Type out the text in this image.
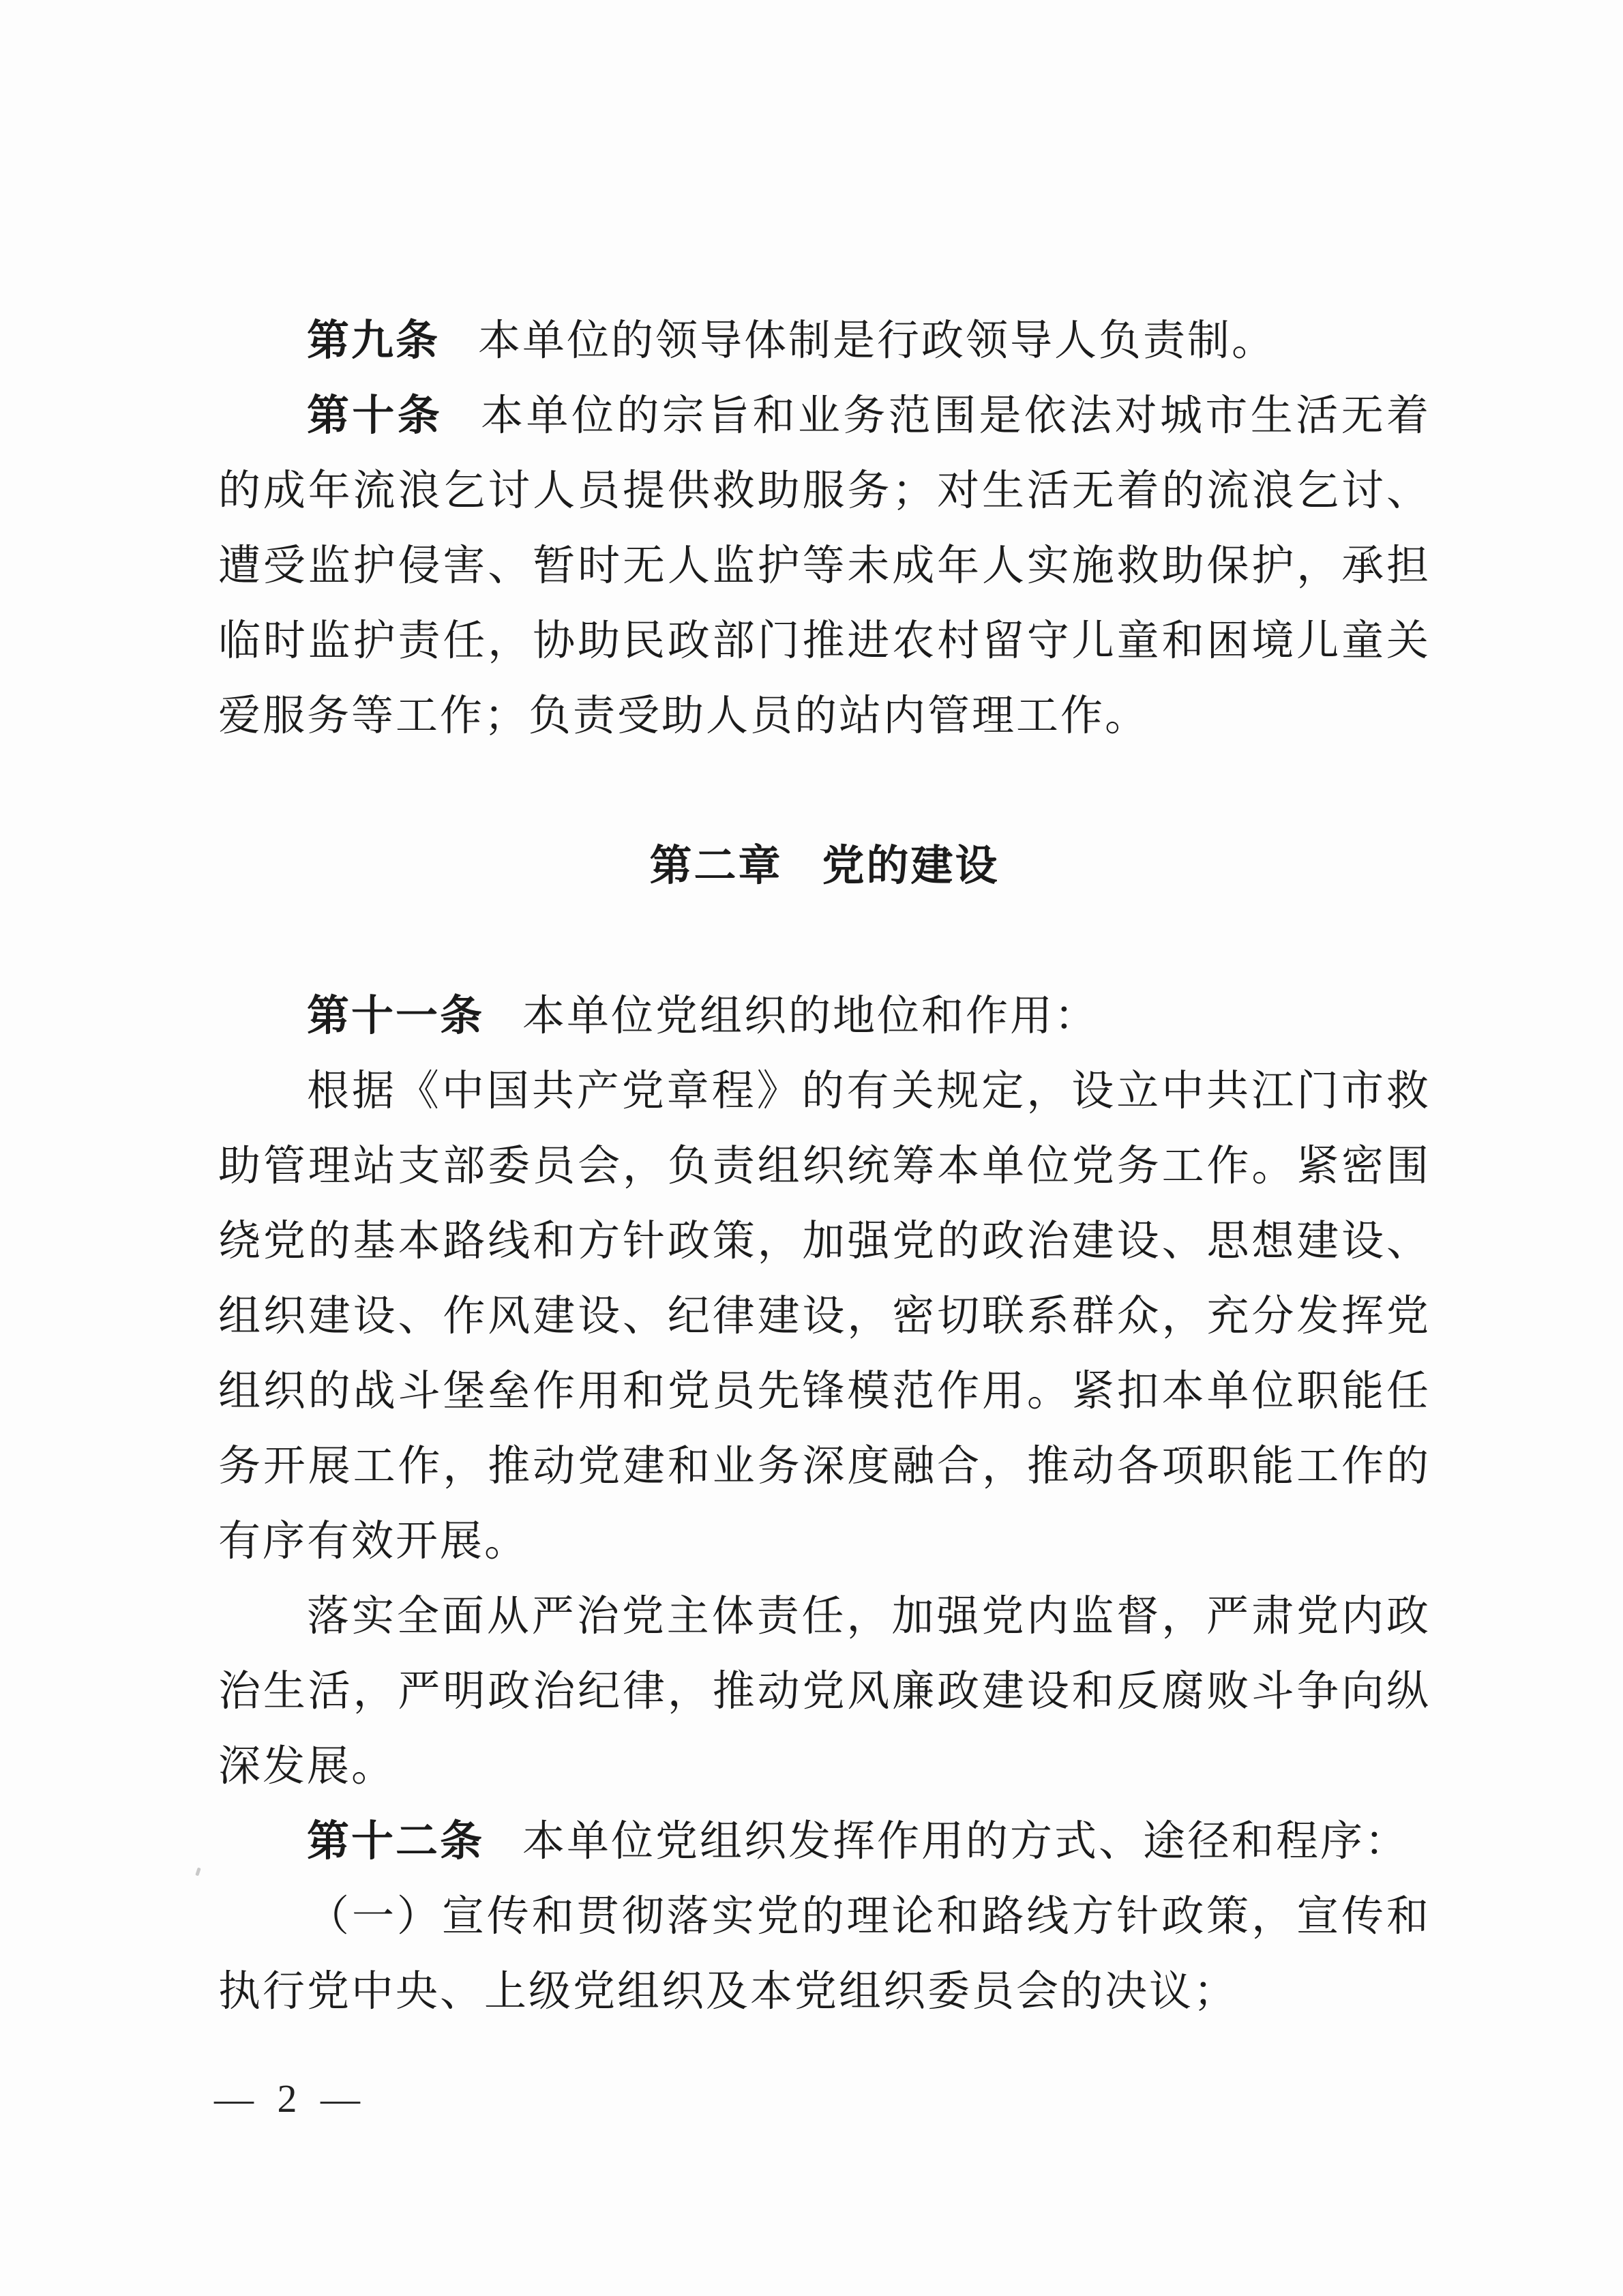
第九条 本单位的领导体制是行政领导人负责制。

第十条 本单位的宗旨和业务范围是依法对城市生活无着的成年流浪乞讨人员提供救助服务；对生活无着的流浪乞讨、遭受监护侵害、暂时无人监护等未成年人实施救助保护，承担临时监护责任，协助民政部门推进农村留守儿童和困境儿童关爱服务等工作；负责受助人员的站内管理工作。

第二章 党的建设

第十一条 本单位党组织的地位和作用：

根据《中国共产党章程》的有关规定，设立中共江门市救助管理站支部委员会，负责组织统筹本单位党务工作。紧密围绕党的基本路线和方针政策，加强党的政治建设、思想建设、组织建设、作风建设、纪律建设，密切联系群众，充分发挥党组织的战斗堡垒作用和党员先锋模范作用。紧扣本单位职能任务开展工作，推动党建和业务深度融合，推动各项职能工作的有序有效开展。

落实全面从严治党主体责任，加强党内监督，严肃党内政治生活，严明政治纪律，推动党风廉政建设和反腐败斗争向纵深发展。

第十二条 本单位党组织发挥作用的方式、途径和程序：

（一）宣传和贯彻落实党的理论和路线方针政策，宣传和执行党中央、上级党组织及本党组织委员会的决议；

— 2 —
